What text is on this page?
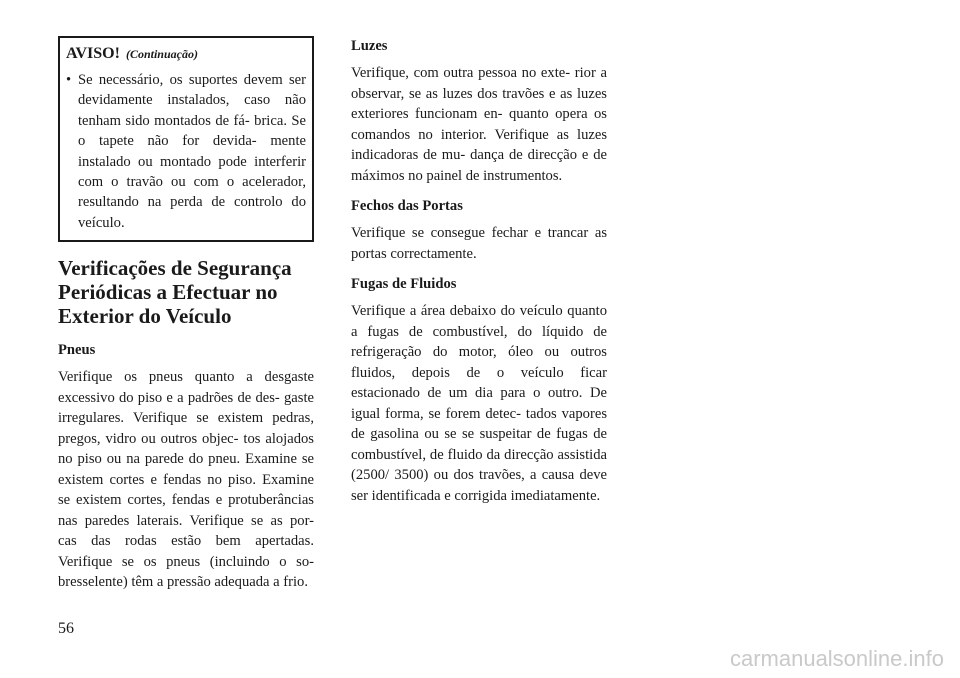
AVISO! (Continuação)
• Se necessário, os suportes devem ser devidamente instalados, caso não tenham sido montados de fá- brica. Se o tapete não for devida- mente instalado ou montado pode interferir com o travão ou com o acelerador, resultando na perda de controlo do veículo.
Verificações de Segurança Periódicas a Efectuar no Exterior do Veículo
Pneus

Verifique os pneus quanto a desgaste excessivo do piso e a padrões de des- gaste irregulares. Verifique se existem pedras, pregos, vidro ou outros objec- tos alojados no piso ou na parede do pneu. Examine se existem cortes e fendas no piso. Examine se existem cortes, fendas e protuberâncias nas paredes laterais. Verifique se as por- cas das rodas estão bem apertadas. Verifique se os pneus (incluindo o so- bresselente) têm a pressão adequada a frio.

Luzes

Verifique, com outra pessoa no exte- rior a observar, se as luzes dos travões e as luzes exteriores funcionam en- quanto opera os comandos no interior. Verifique as luzes indicadoras de mu- dança de direcção e de máximos no painel de instrumentos.

Fechos das Portas

Verifique se consegue fechar e trancar as portas correctamente.

Fugas de Fluidos

Verifique a área debaixo do veículo quanto a fugas de combustível, do líquido de refrigeração do motor, óleo ou outros fluidos, depois de o veículo ficar estacionado de um dia para o outro. De igual forma, se forem detec- tados vapores de gasolina ou se se suspeitar de fugas de combustível, de fluido da direcção assistida (2500/ 3500) ou dos travões, a causa deve ser identificada e corrigida imediatamente.

56
carmanualsonline.info
